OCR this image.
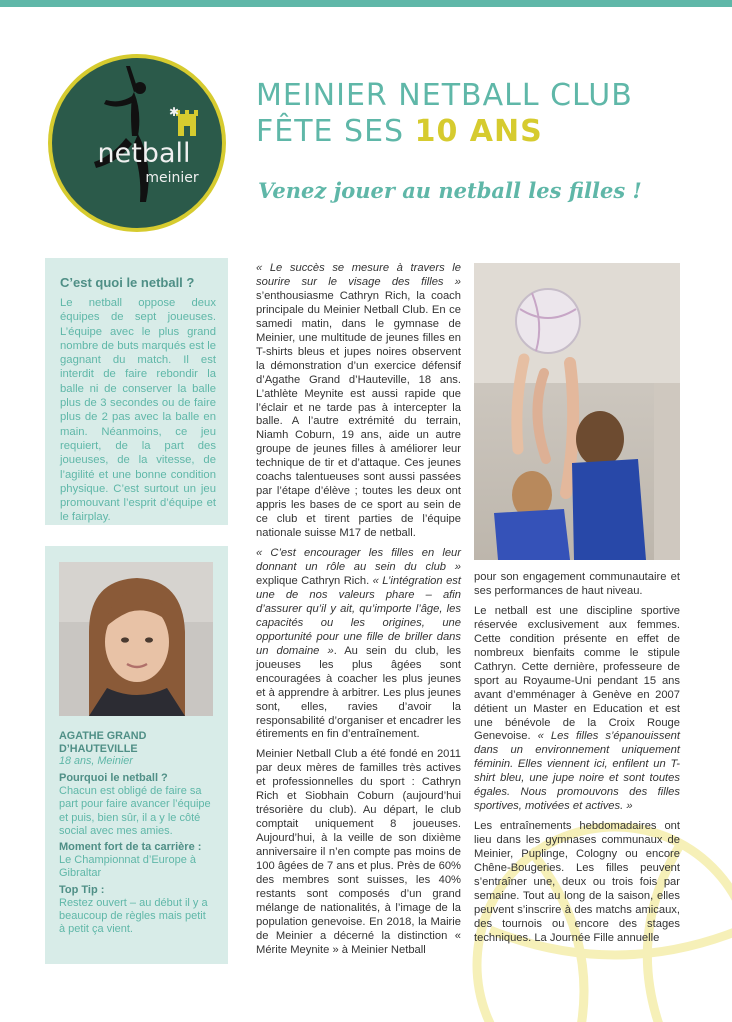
netball
meinier
✱	MEINIER NETBALL CLUB
FÊTE SES 10 ANS
Venez jouer au netball les filles !
C’est quoi le netball ?

Le netball oppose deux équipes de sept joueuses. L’équipe avec le plus grand nombre de buts marqués est le gagnant du match. Il est interdit de faire rebondir la balle ni de conserver la balle plus de 3 secondes ou de faire plus de 2 pas avec la balle en main. Néanmoins, ce jeu requiert, de la part des joueuses, de la vitesse, de l’agilité et une bonne condition physique. C’est surtout un jeu promouvant l’esprit d’équipe et le fairplay.

AGATHE GRAND D’HAUTEVILLE
18 ans, Meinier
Pourquoi le netball ?
Chacun est obligé de faire sa part pour faire avancer l’équipe et puis, bien sûr, il a y le côté social avec mes amies.
Moment fort de ta carrière :
Le Championnat d’Europe à Gibraltar
Top Tip :
Restez ouvert – au début il y a beaucoup de règles mais petit à petit ça vient.

« Le succès se mesure à travers le sourire sur le visage des filles » s’enthousiasme Cathryn Rich, la coach principale du Meinier Netball Club. En ce samedi matin, dans le gymnase de Meinier, une multitude de jeunes filles en T-shirts bleus et jupes noires observent la démonstration d’un exercice défensif d’Agathe Grand d’Hauteville, 18 ans. L’athlète Meynite est aussi rapide que l’éclair et ne tarde pas à intercepter la balle. A l’autre extrémité du terrain, Niamh Coburn, 19 ans, aide un autre groupe de jeunes filles à améliorer leur technique de tir et d’attaque. Ces jeunes coachs talentueuses sont aussi passées par l’étape d’élève ; toutes les deux ont appris les bases de ce sport au sein de ce club et tirent parties de l’équipe nationale suisse M17 de netball.

« C’est encourager les filles en leur donnant un rôle au sein du club » explique Cathryn Rich. « L’intégration est une de nos valeurs phare – afin d’assurer qu’il y ait, qu’importe l’âge, les capacités ou les origines, une opportunité pour une fille de briller dans un domaine ». Au sein du club, les joueuses les plus âgées sont encouragées à coacher les plus jeunes et à apprendre à arbitrer. Les plus jeunes sont, elles, ravies d’avoir la responsabilité d’organiser et encadrer les étirements en fin d’entraînement.

Meinier Netball Club a été fondé en 2011 par deux mères de familles très actives et professionnelles du sport : Cathryn Rich et Siobhain Coburn (aujourd’hui trésorière du club). Au départ, le club comptait uniquement 8 joueuses. Aujourd’hui, à la veille de son dixième anniversaire il n’en compte pas moins de 100 âgées de 7 ans et plus. Près de 60% des membres sont suisses, les 40% restants sont composés d’un grand mélange de nationalités, à l’image de la population genevoise. En 2018, la Mairie de Meinier a décerné la distinction « Mérite Meynite » à Meinier Netball

pour son engagement communautaire et ses performances de haut niveau.

Le netball est une discipline sportive réservée exclusivement aux femmes. Cette condition présente en effet de nombreux bienfaits comme le stipule Cathryn. Cette dernière, professeure de sport au Royaume-Uni pendant 15 ans avant d’emménager à Genève en 2007 détient un Master en Education et est une bénévole de la Croix Rouge Genevoise. « Les filles s’épanouissent dans un environnement uniquement féminin. Elles viennent ici, enfilent un T-shirt bleu, une jupe noire et sont toutes égales. Nous promouvons des filles sportives, motivées et actives. »

Les entraînements hebdomadaires ont lieu dans les gymnases communaux de Meinier, Puplinge, Cologny ou encore Chêne-Bougeries. Les filles peuvent s’entraîner une, deux ou trois fois par semaine. Tout au long de la saison, elles peuvent s’inscrire à des matchs amicaux, des tournois ou encore des stages techniques. La Journée Fille annuelle
